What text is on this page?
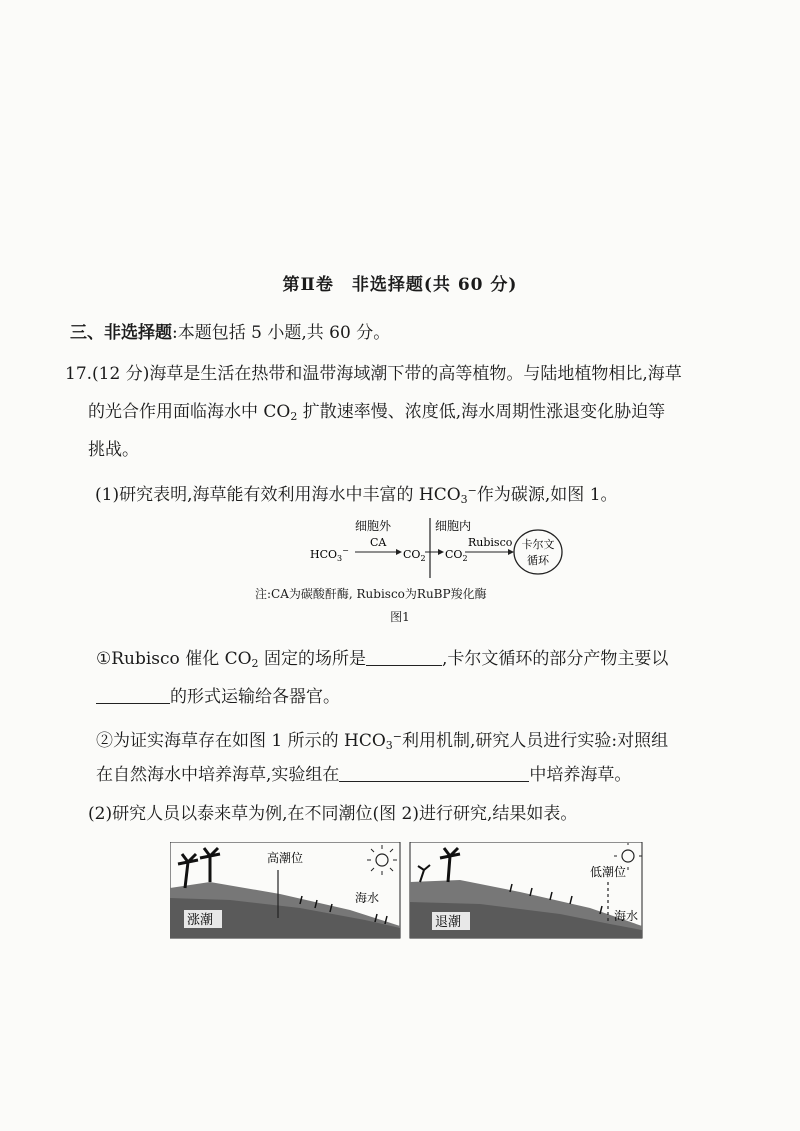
第Ⅱ卷　非选择题(共 60 分)
三、非选择题:本题包括 5 小题,共 60 分。
17.(12 分)海草是生活在热带和温带海域潮下带的高等植物。与陆地植物相比,海草
的光合作用面临海水中 $CO_2$ 扩散速率慢、浓度低,海水周期性涨退变化胁迫等
挑战。
(1)研究表明,海草能有效利用海水中丰富的 $HCO_3^-$作为碳源,如图 1。
细胞外	细胞内
$HCO_3^-$
CA
$CO_2$ $CO_2$
Rubisco 卡尔文
循环
注:CA为碳酸酐酶, Rubisco为RuBP羧化酶
图1
①Rubisco 催化 $CO_2$ 固定的场所是	,卡尔文循环的部分产物主要以
的形式运输给各器官。
②为证实海草存在如图 1 所示的 $HCO_3^-$利用机制,研究人员进行实验:对照组
在自然海水中培养海草,实验组在	中培养海草。
(2)研究人员以泰来草为例,在不同潮位(图 2)进行研究,结果如表。
高潮位
海水
涨潮
低潮位
海水
退潮
